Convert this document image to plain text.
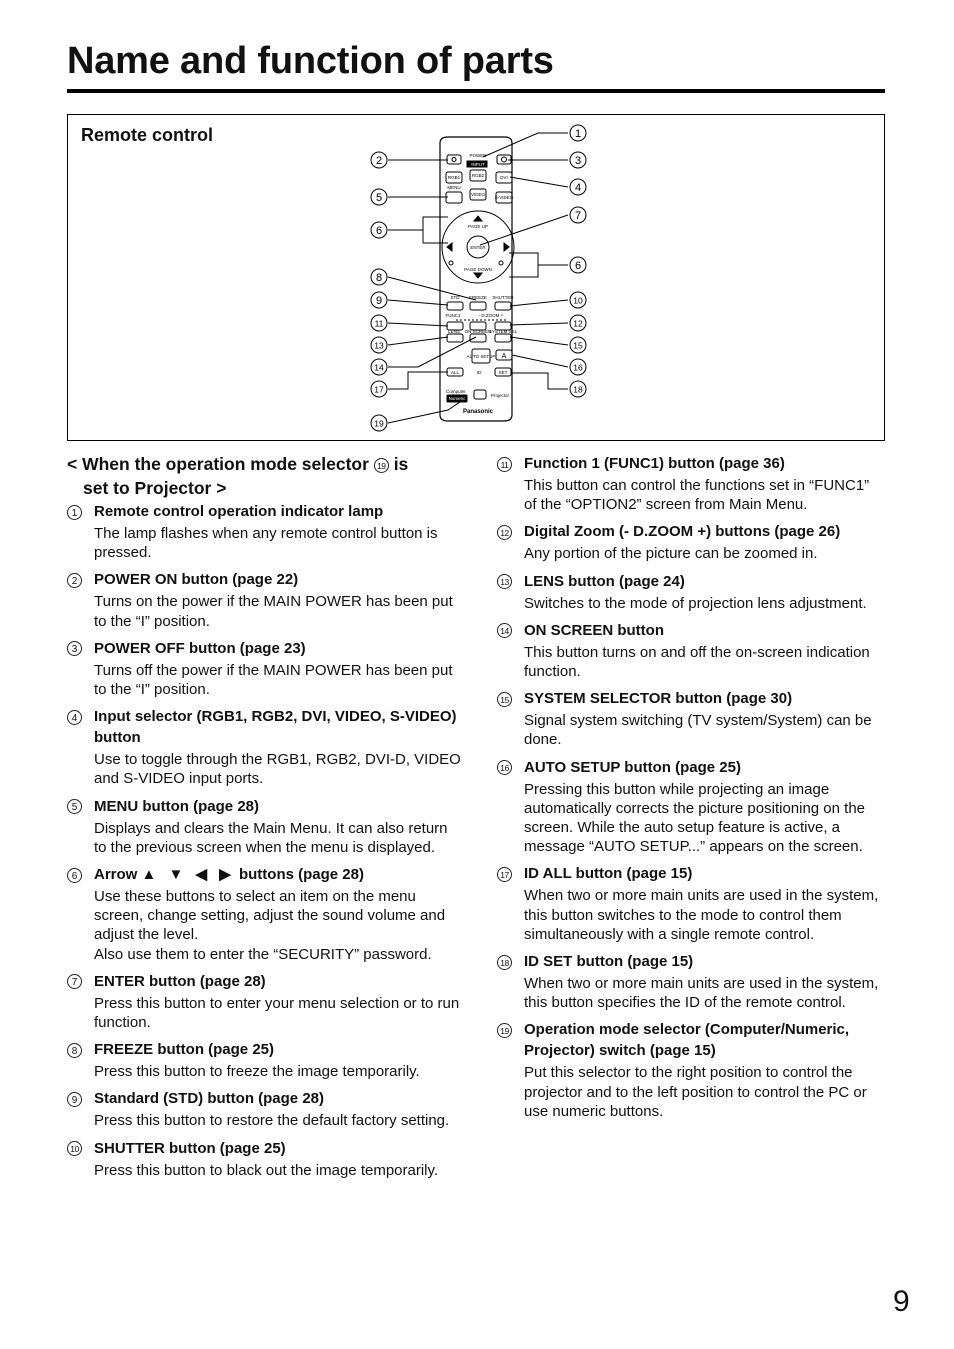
Name and function of parts
Remote control
POWER
INPUT
RGB1	RGB2	DVI
MENU
VIDEO
S-VIDEO
ENTER
PAGE UP
PAGE DOWN
STD FREEZE SHUTTER
FUNC1	- D.ZOOM +
LENS ON SCREEN
SYSTEM SEL
AUTO SETUP A
ALL	ID	SET
Computer
Numeric
Projector
Panasonic
2
5
6
8
9
11
13
14
17
19
1
3
4
7
6
10
12
15
16
18
< When the operation mode selector 19 is
set to Projector >
1	Remote control operation indicator lamp
The lamp flashes when any remote control button is pressed.
2	POWER ON button (page 22)
Turns on the power if the MAIN POWER has been put to the “I” position.
3	POWER OFF button (page 23)
Turns off the power if the MAIN POWER has been put to the “I” position.
4	Input selector (RGB1, RGB2, DVI, VIDEO, S-VIDEO) button
Use to toggle through the RGB1, RGB2, DVI-D, VIDEO and S-VIDEO input ports.
5	MENU button (page 28)
Displays and clears the Main Menu. It can also return to the previous screen when the menu is displayed.
6	Arrow ▲ ▼ ◀ ▶ buttons (page 28)
Use these buttons to select an item on the menu screen, change setting, adjust the sound volume and adjust the level.
Also use them to enter the “SECURITY” password.
7	ENTER button (page 28)
Press this button to enter your menu selection or to run function.
8	FREEZE button (page 25)
Press this button to freeze the image temporarily.
9	Standard (STD) button (page 28)
Press this button to restore the default factory setting.
10	SHUTTER button (page 25)
Press this button to black out the image temporarily.
11	Function 1 (FUNC1) button (page 36)
This button can control the functions set in “FUNC1” of the “OPTION2” screen from Main Menu.
12	Digital Zoom (- D.ZOOM +) buttons (page 26)
Any portion of the picture can be zoomed in.
13	LENS button (page 24)
Switches to the mode of projection lens adjustment.
14	ON SCREEN button
This button turns on and off the on-screen indication function.
15	SYSTEM SELECTOR button (page 30)
Signal system switching (TV system/System) can be done.
16	AUTO SETUP button (page 25)
Pressing this button while projecting an image automatically corrects the picture positioning on the screen. While the auto setup feature is active, a message “AUTO SETUP...” appears on the screen.
17	ID ALL button (page 15)
When two or more main units are used in the system, this button switches to the mode to control them simultaneously with a single remote control.
18	ID SET button (page 15)
When two or more main units are used in the system, this button specifies the ID of the remote control.
19	Operation mode selector (Computer/Numeric, Projector) switch (page 15)
Put this selector to the right position to control the projector and to the left position to control the PC or use numeric buttons.
9
